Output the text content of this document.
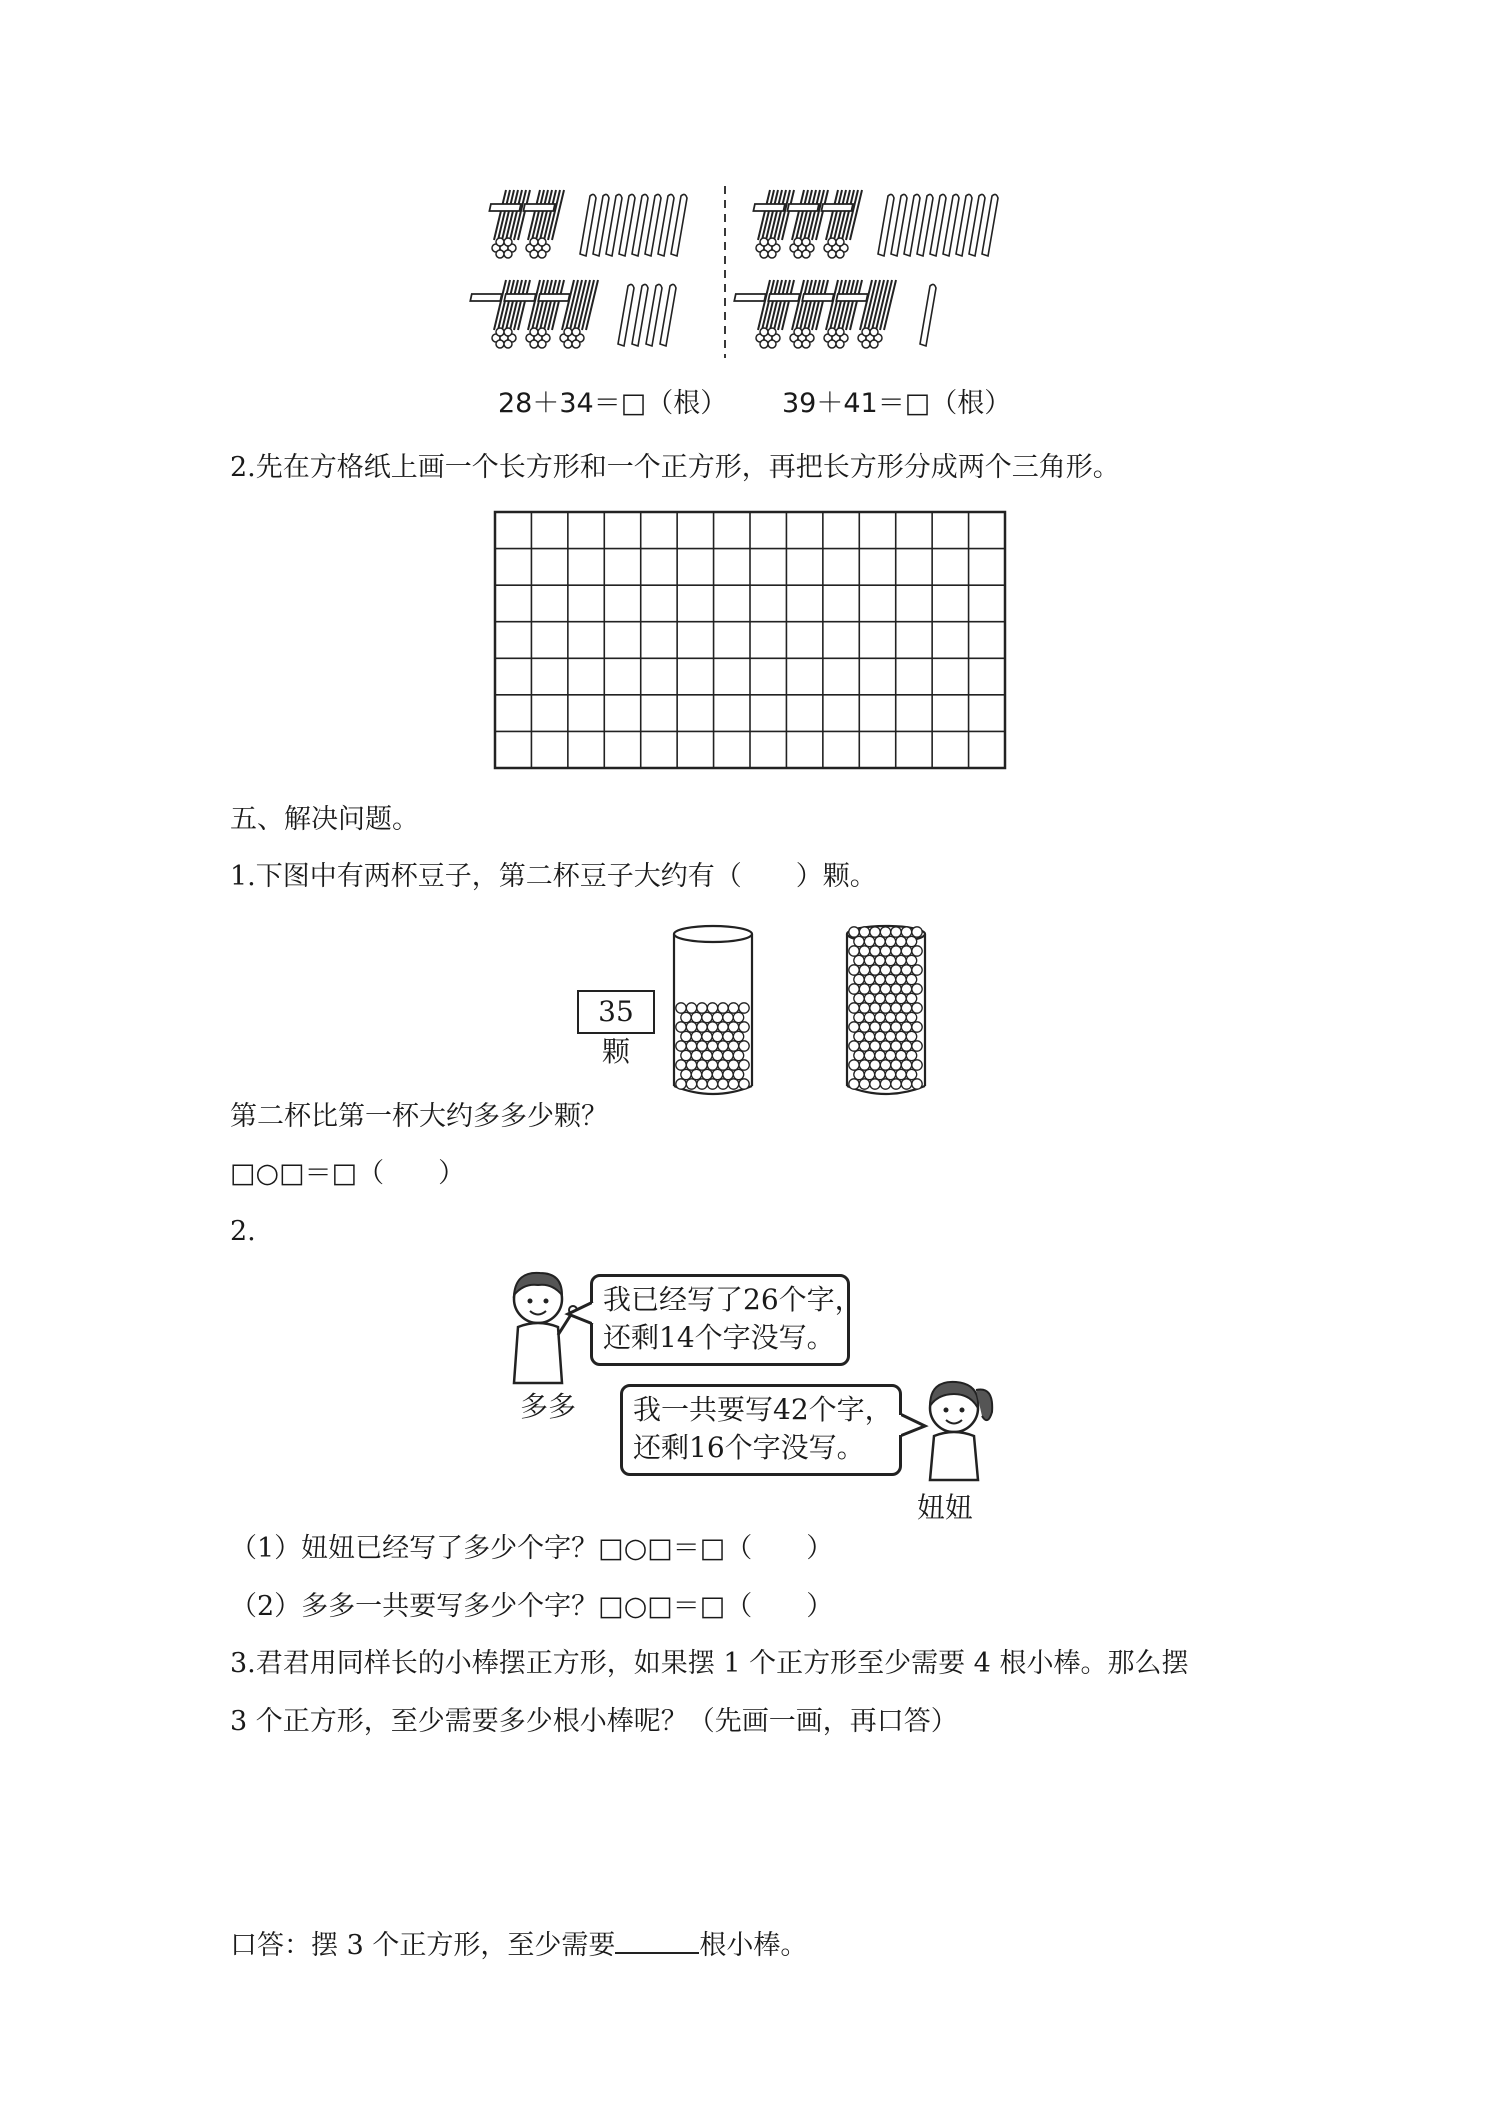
28＋34＝□（根） 39＋41＝□（根）
2.先在方格纸上画一个长方形和一个正方形，再把长方形分成两个三角形。
五、解决问题。
1.下图中有两杯豆子，第二杯豆子大约有（　　）颗。
35颗
第二杯比第一杯大约多多少颗？
□○□＝□（　　）
2.
多多
我已经写了26个字，
还剩14个字没写。
我一共要写42个字，
还剩16个字没写。
妞妞
（1）妞妞已经写了多少个字？□○□＝□（　　）
（2）多多一共要写多少个字？□○□＝□（　　）
3.君君用同样长的小棒摆正方形，如果摆 1 个正方形至少需要 4 根小棒。那么摆
3 个正方形，至少需要多少根小棒呢？（先画一画，再口答）
口答：摆 3 个正方形，至少需要	根小棒。
